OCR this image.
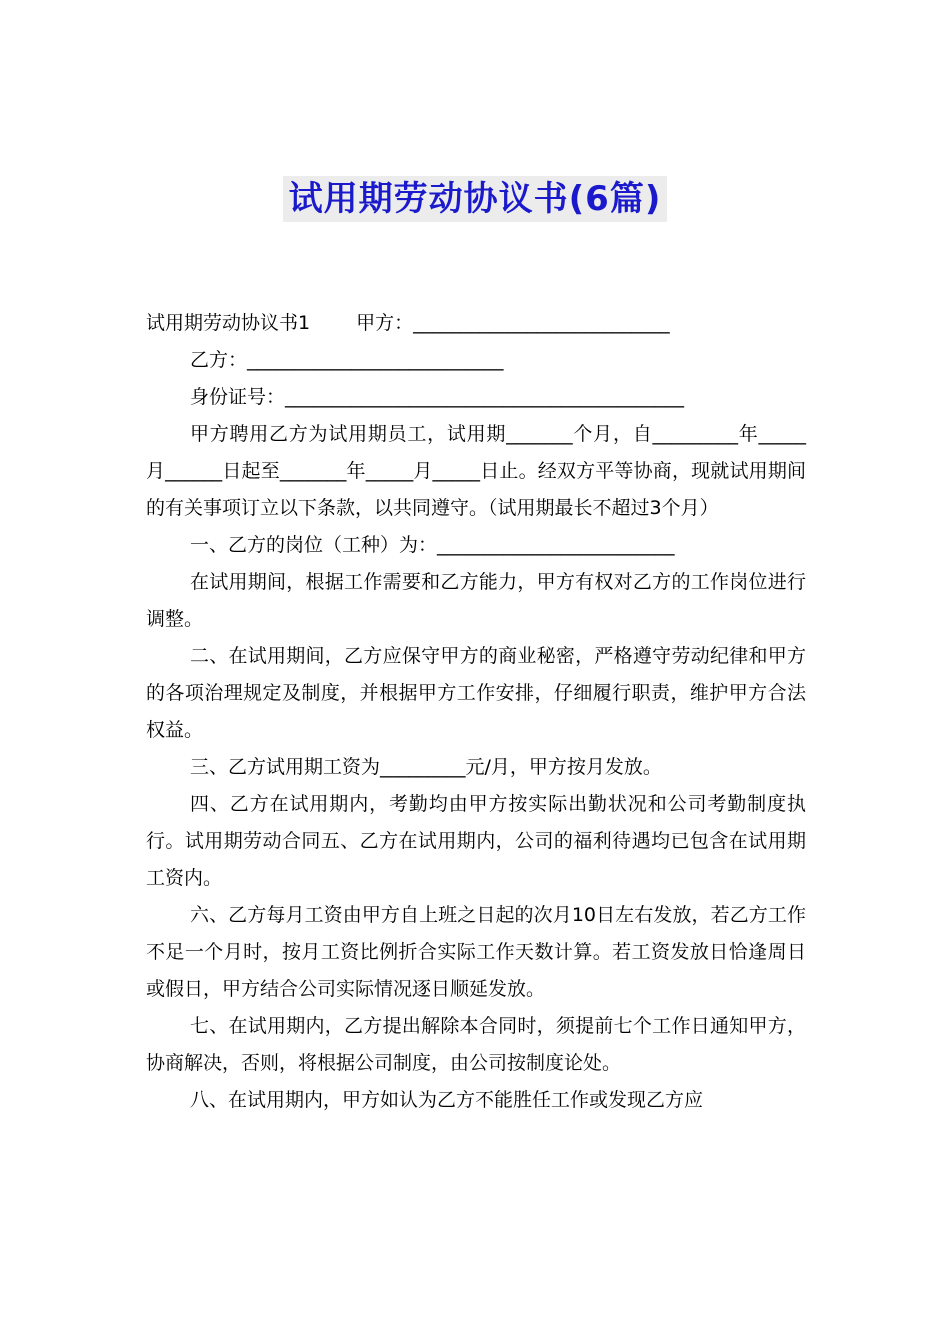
试用期劳动协议书(6篇)

试用期劳动协议书1 甲方：___________________________

乙方：___________________________

身份证号：__________________________________________

甲方聘用乙方为试用期员工，试用期_______个月，自_________年_____月______日起至_______年_____月_____日止。经双方平等协商，现就试用期间的有关事项订立以下条款，以共同遵守。（试用期最长不超过3个月）

一、乙方的岗位（工种）为：_________________________

在试用期间，根据工作需要和乙方能力，甲方有权对乙方的工作岗位进行调整。

二、在试用期间，乙方应保守甲方的商业秘密，严格遵守劳动纪律和甲方的各项治理规定及制度，并根据甲方工作安排，仔细履行职责，维护甲方合法权益。

三、乙方试用期工资为_________元/月，甲方按月发放。

四、乙方在试用期内，考勤均由甲方按实际出勤状况和公司考勤制度执行。试用期劳动合同五、乙方在试用期内，公司的福利待遇均已包含在试用期工资内。

六、乙方每月工资由甲方自上班之日起的次月10日左右发放，若乙方工作不足一个月时，按月工资比例折合实际工作天数计算。若工资发放日恰逢周日或假日，甲方结合公司实际情况逐日顺延发放。

七、在试用期内，乙方提出解除本合同时，须提前七个工作日通知甲方，协商解决，否则，将根据公司制度，由公司按制度论处。

八、在试用期内，甲方如认为乙方不能胜任工作或发现乙方应
